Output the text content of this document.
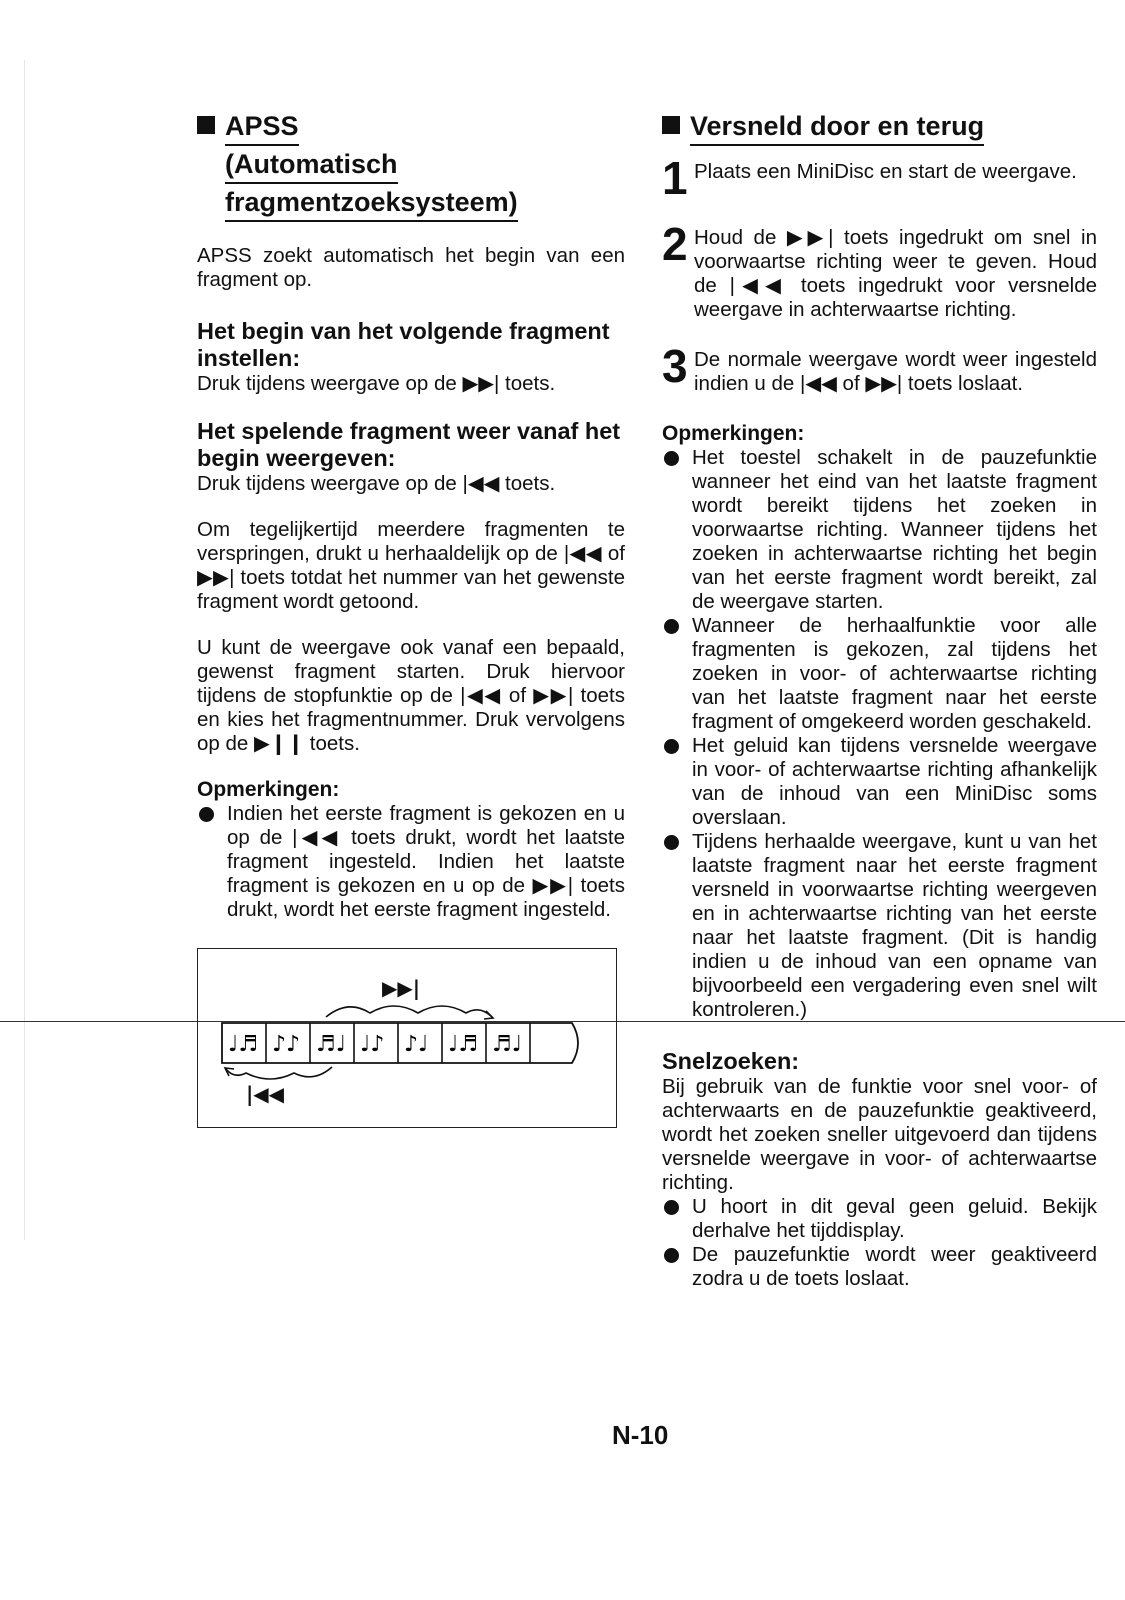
APSS
(Automatisch
fragmentzoeksysteem)

APSS zoekt automatisch het begin van een fragment op.

Het begin van het volgende fragment instellen:

Druk tijdens weergave op de ▶▶| toets.

Het spelende fragment weer vanaf het begin weergeven:

Druk tijdens weergave op de |◀◀ toets.

Om tegelijkertijd meerdere fragmenten te verspringen, drukt u herhaaldelijk op de |◀◀ of ▶▶| toets totdat het nummer van het gewenste fragment wordt getoond.

U kunt de weergave ook vanaf een bepaald, gewenst fragment starten. Druk hiervoor tijdens de stopfunktie op de |◀◀ of ▶▶| toets en kies het fragmentnummer. Druk vervolgens op de ▶❙❙ toets.

Opmerkingen:
Indien het eerste fragment is gekozen en u op de |◀◀ toets drukt, wordt het laatste fragment ingesteld. Indien het laatste fragment is gekozen en u op de ▶▶| toets drukt, wordt het eerste fragment ingesteld.
▶▶|
♩♬ ♪♪ ♬♩ ♩♪ ♪♩ ♩♬ ♬♩
|◀◀
Versneld door en terug
1 Plaats een MiniDisc en start de weergave.

2 Houd de ▶▶| toets ingedrukt om snel in voorwaartse richting weer te geven. Houd de |◀◀ toets ingedrukt voor versnelde weergave in achterwaartse richting.

3 De normale weergave wordt weer ingesteld indien u de |◀◀ of ▶▶| toets loslaat.

Opmerkingen:
Het toestel schakelt in de pauzefunktie wanneer het eind van het laatste fragment wordt bereikt tijdens het zoeken in voorwaartse richting. Wanneer tijdens het zoeken in achterwaartse richting het begin van het eerste fragment wordt bereikt, zal de weergave starten.
Wanneer de herhaalfunktie voor alle fragmenten is gekozen, zal tijdens het zoeken in voor- of achterwaartse richting van het laatste fragment naar het eerste fragment of omgekeerd worden geschakeld.
Het geluid kan tijdens versnelde weergave in voor- of achterwaartse richting afhankelijk van de inhoud van een MiniDisc soms overslaan.
Tijdens herhaalde weergave, kunt u van het laatste fragment naar het eerste fragment versneld in voorwaartse richting weergeven en in achterwaartse richting van het eerste naar het laatste fragment. (Dit is handig indien u de inhoud van een opname van bijvoorbeeld een vergadering even snel wilt kontroleren.)
Snelzoeken:

Bij gebruik van de funktie voor snel voor- of achterwaarts en de pauzefunktie geaktiveerd, wordt het zoeken sneller uitgevoerd dan tijdens versnelde weergave in voor- of achterwaartse richting.

U hoort in dit geval geen geluid. Bekijk derhalve het tijddisplay.
De pauzefunktie wordt weer geaktiveerd zodra u de toets loslaat.
N-10
